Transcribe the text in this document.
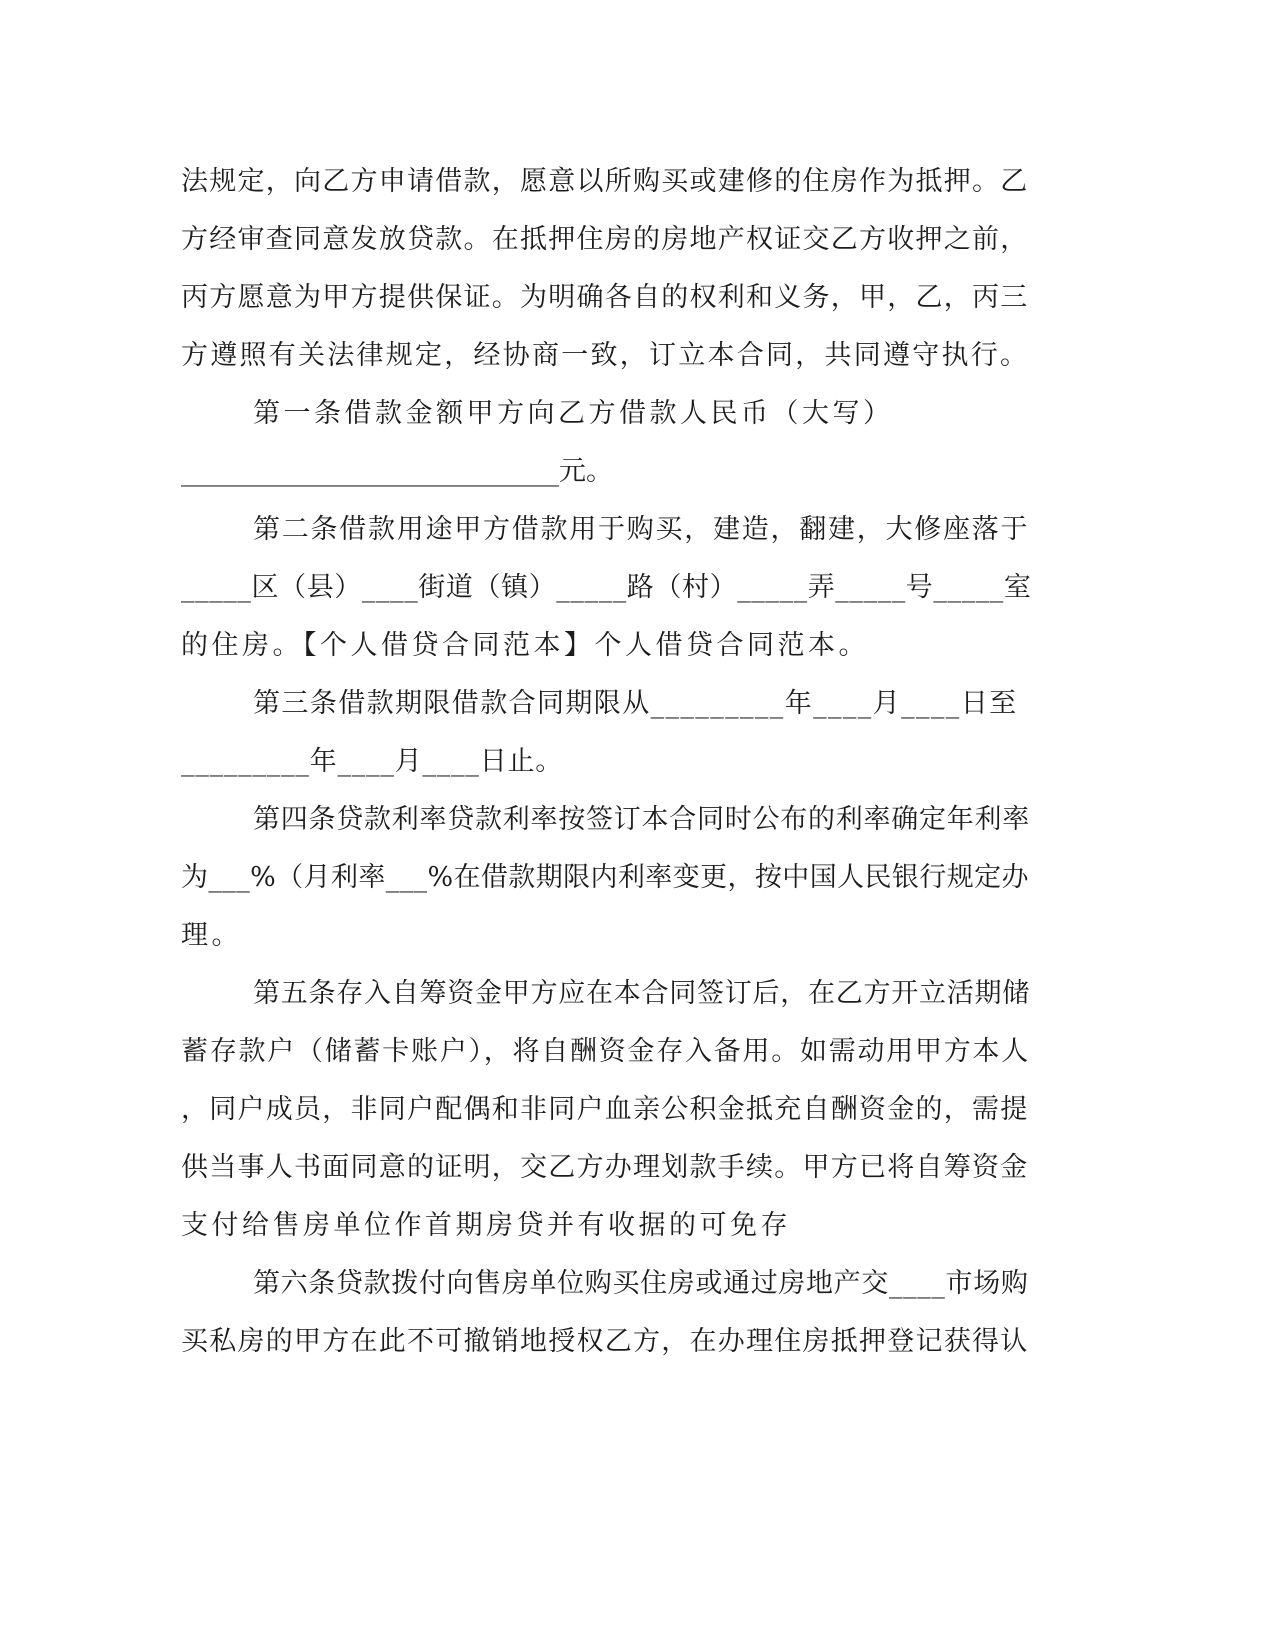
法规定，向乙方申请借款，愿意以所购买或建修的住房作为抵押。乙
方经审查同意发放贷款。在抵押住房的房地产权证交乙方收押之前，
丙方愿意为甲方提供保证。为明确各自的权利和义务，甲，乙，丙三
方遵照有关法律规定，经协商一致，订立本合同，共同遵守执行。
第一条借款金额甲方向乙方借款人民币（大写）
____________________________元。
第二条借款用途甲方借款用于购买，建造，翻建，大修座落于
_____区（县）____街道（镇）_____路（村）_____弄_____号_____室
的住房。【个人借贷合同范本】个人借贷合同范本。
第三条借款期限借款合同期限从_________年____月____日至
_________年____月____日止。
第四条贷款利率贷款利率按签订本合同时公布的利率确定年利率
为___%（月利率___%在借款期限内利率变更，按中国人民银行规定办
理。
第五条存入自筹资金甲方应在本合同签订后，在乙方开立活期储
蓄存款户（储蓄卡账户），将自酬资金存入备用。如需动用甲方本人
，同户成员，非同户配偶和非同户血亲公积金抵充自酬资金的，需提
供当事人书面同意的证明，交乙方办理划款手续。甲方已将自筹资金
支付给售房单位作首期房贷并有收据的可免存
第六条贷款拨付向售房单位购买住房或通过房地产交____市场购
买私房的甲方在此不可撤销地授权乙方，在办理住房抵押登记获得认
